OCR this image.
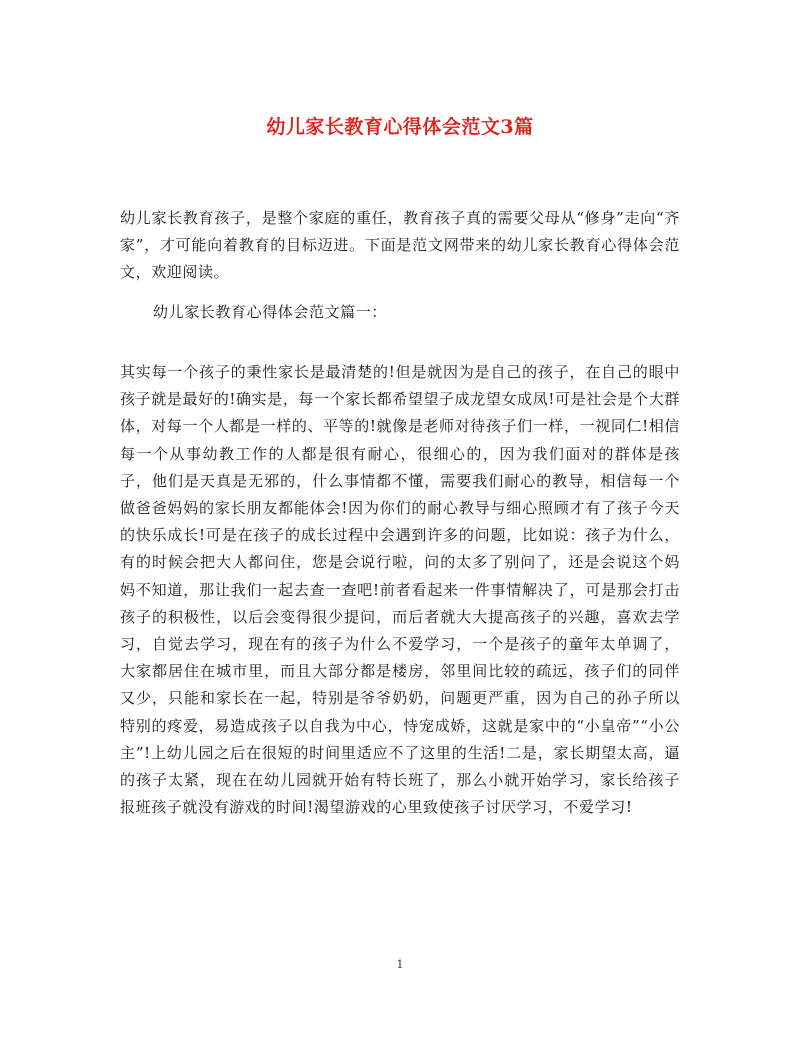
幼儿家长教育心得体会范文3篇

幼儿家长教育孩子，是整个家庭的重任，教育孩子真的需要父母从“修身”走向“齐家”，才可能向着教育的目标迈进。下面是范文网带来的幼儿家长教育心得体会范文，欢迎阅读。

幼儿家长教育心得体会范文篇一：

其实每一个孩子的秉性家长是最清楚的!但是就因为是自己的孩子，在自己的眼中孩子就是最好的!确实是，每一个家长都希望望子成龙望女成凤!可是社会是个大群体，对每一个人都是一样的、平等的!就像是老师对待孩子们一样，一视同仁!相信每一个从事幼教工作的人都是很有耐心，很细心的，因为我们面对的群体是孩子，他们是天真是无邪的，什么事情都不懂，需要我们耐心的教导，相信每一个做爸爸妈妈的家长朋友都能体会!因为你们的耐心教导与细心照顾才有了孩子今天的快乐成长!可是在孩子的成长过程中会遇到许多的问题，比如说：孩子为什么，有的时候会把大人都问住，您是会说行啦，问的太多了别问了，还是会说这个妈妈不知道，那让我们一起去查一查吧!前者看起来一件事情解决了，可是那会打击孩子的积极性，以后会变得很少提问，而后者就大大提高孩子的兴趣，喜欢去学习，自觉去学习，现在有的孩子为什么不爱学习，一个是孩子的童年太单调了，大家都居住在城市里，而且大部分都是楼房，邻里间比较的疏远，孩子们的同伴又少，只能和家长在一起，特别是爷爷奶奶，问题更严重，因为自己的孙子所以特别的疼爱，易造成孩子以自我为中心，恃宠成娇，这就是家中的“小皇帝”“小公主”!上幼儿园之后在很短的时间里适应不了这里的生活!二是，家长期望太高，逼的孩子太紧，现在在幼儿园就开始有特长班了，那么小就开始学习，家长给孩子报班孩子就没有游戏的时间!渴望游戏的心里致使孩子讨厌学习，不爱学习!

1
